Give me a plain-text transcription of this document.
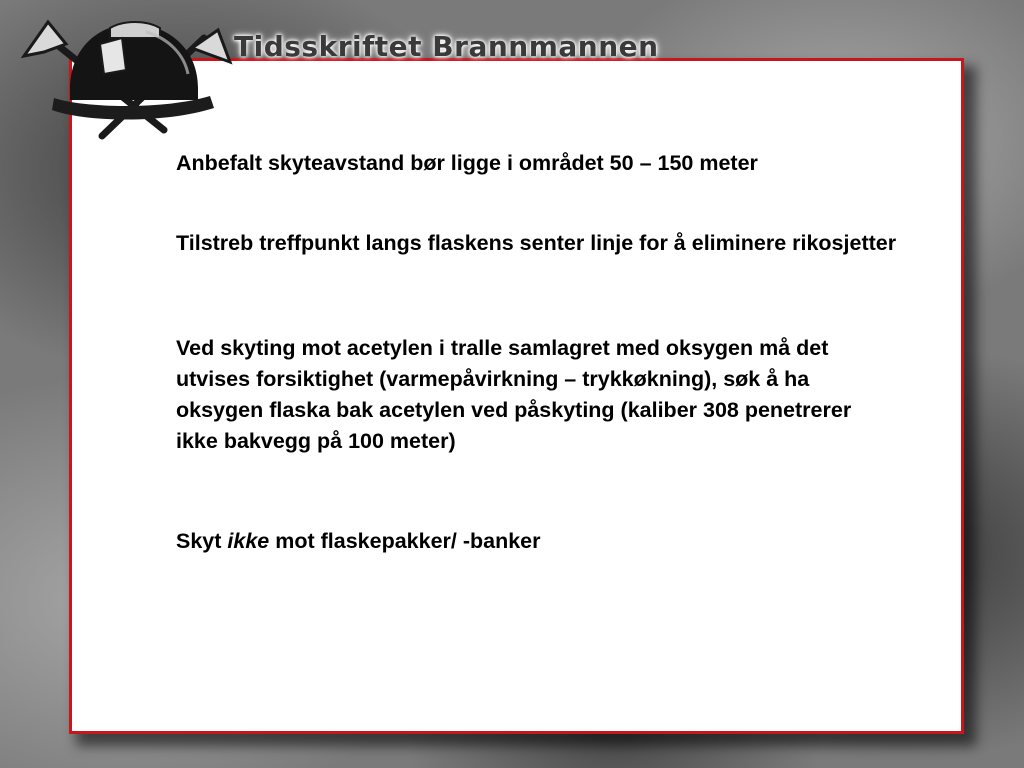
Tidsskriftet Brannmannen

Anbefalt skyteavstand bør ligge i området 50 – 150 meter

Tilstreb treffpunkt langs flaskens senter linje for å eliminere rikosjetter

Ved skyting mot acetylen i tralle samlagret med oksygen må det utvises forsiktighet (varmepåvirkning – trykkøkning), søk å ha oksygen flaska bak acetylen ved påskyting (kaliber 308 penetrerer ikke bakvegg på 100 meter)

Skyt ikke mot flaskepakker/ -banker
